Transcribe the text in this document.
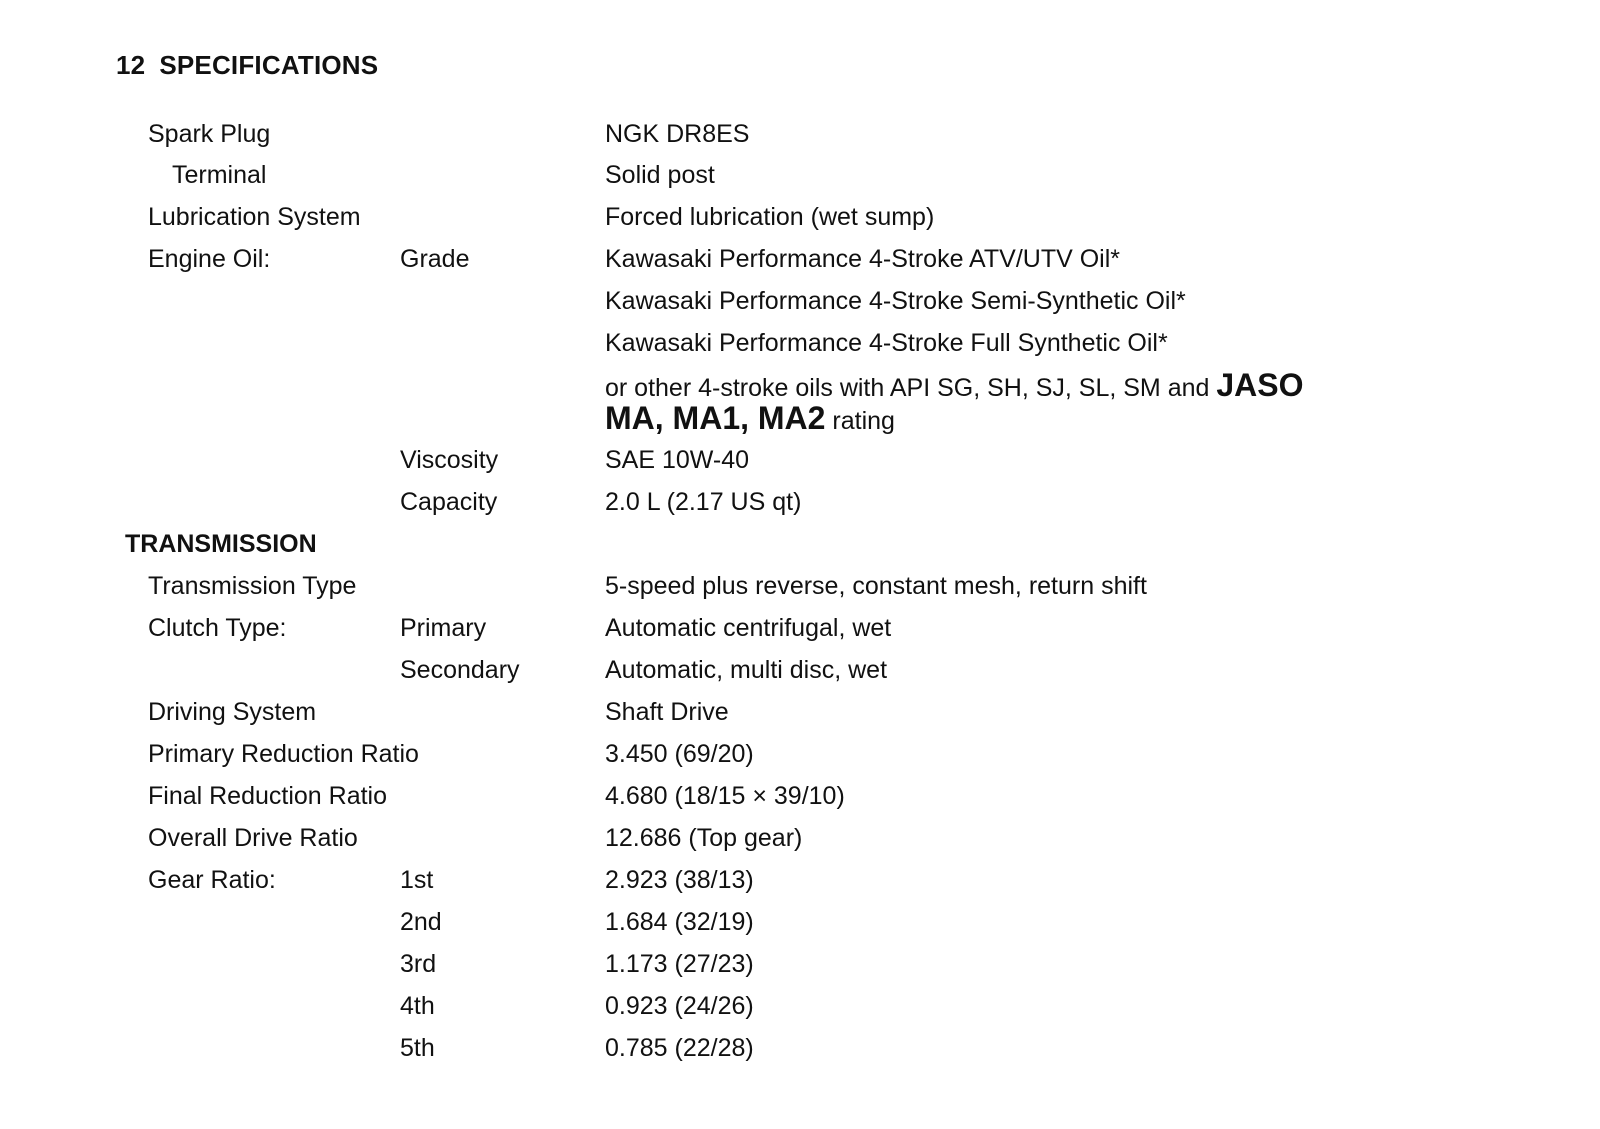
12 SPECIFICATIONS
Spark Plug	NGK DR8ES
Terminal	Solid post
Lubrication System	Forced lubrication (wet sump)
Engine Oil:	Grade	Kawasaki Performance 4-Stroke ATV/UTV Oil*
Kawasaki Performance 4-Stroke Semi-Synthetic Oil*
Kawasaki Performance 4-Stroke Full Synthetic Oil*
or other 4-stroke oils with API SG, SH, SJ, SL, SM and JASO
MA, MA1, MA2 rating
Viscosity	SAE 10W-40
Capacity	2.0 L (2.17 US qt)
TRANSMISSION
Transmission Type	5-speed plus reverse, constant mesh, return shift
Clutch Type:	Primary	Automatic centrifugal, wet
Secondary	Automatic, multi disc, wet
Driving System	Shaft Drive
Primary Reduction Ratio	3.450 (69/20)
Final Reduction Ratio	4.680 (18/15 × 39/10)
Overall Drive Ratio	12.686 (Top gear)
Gear Ratio:	1st	2.923 (38/13)
2nd	1.684 (32/19)
3rd	1.173 (27/23)
4th	0.923 (24/26)
5th	0.785 (22/28)
